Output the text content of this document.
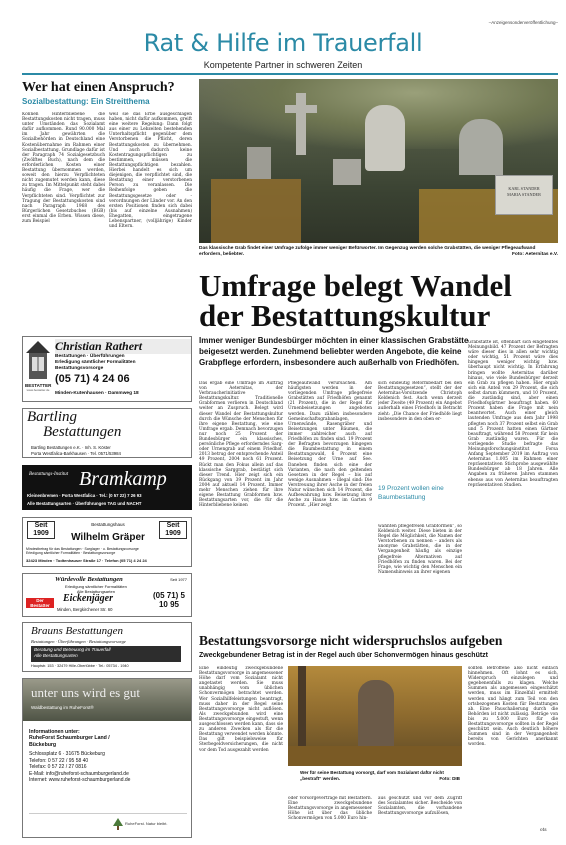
–Anzeigensonderveröffentlichung–
Rat & Hilfe im Trauerfall
Kompetente Partner in schweren Zeiten
Wer hat einen Anspruch?
Sozialbestattung: Ein Streitthema
Können Hinterbliebene die Bestattungskosten nicht tragen, muss unter Umständen das Sozialamt dafür aufkommen. Rund 90.000 Mal im Jahr gewährten die Sozialbehörden in Deutschland eine Kostenübernahme im Rahmen einer Sozialbestattung. Grundlage dafür ist der Paragraph 74 Sozialgesetzbuch (Zwölftes Buch), nach dem die erforderlichen Kosten einer Bestattung übernommen werden, soweit den hierzu Verpflichteten nicht zugemutet werden kann, diese zu tragen. Im Mittelpunkt steht dabei häufig die Frage, wer die Verpflichteten sind. Verpflichtet zur Tragung der Bestattungskosten sind nach Paragraph 1968 des Bürgerlichen Gesetzbuches (BGB) erst einmal die Erben. Wissen diese, zum Beispiel
weil sie das Erbe ausgeschlagen haben, nicht dafür aufkommen, greift eine weitere Regelung: Dann folgt aus einer zu Lebzeiten bestehenden Unterhaltspflicht gegenüber dem Verstorbenen die Pflicht, deren Bestattungskosten zu übernehmen. Und auch dadurch keine Kostentragungspflichtigen zu bestimmen, müssen die Bestattungspflichtigen bezahlen. Hierbei handelt es sich um diejenigen, die verpflichtet sind, die Bestattung einer verstorbenen Person zu veranlassen. Die Reihenfolge geben die Bestattungsgesetze oder -verordnungen der Länder vor. An den ersten Positionen finden sich dabei (bis auf einzelne Ausnahmen) Ehegatten, eingetragene Lebenspartner, (volljährige) Kinder und Eltern.
BESTATTER
www.bestatter.de
Christian Rathert
Bestattungen · Überführungen
Erledigung sämtlicher Formalitäten
Bestattungsvorsorge
(05 71) 4 24 06
Minden-Kutenhausen · Dammweg 18
Bartling
Bestattungen
Bartling Bestattungen e.K. · Inh. S. Köster
Porta Westfalica-Barkhausen · Tel. 0571/53984
Bestattungs-Institut Bramkamp
Kleinenbremen · Porta Westfalica · Tel.: (0 57 22) 7 26 93
Alle Bestattungsarten · Überführungen TAG und NACHT
Seit 1909
Seit 1909
Wilhelm Gräper
Bestattungshaus
Mindestbetrag für das Bestattungen · Sarglager · u. Bestattungsvorsorge
Erledigung sämtlicher Formalitäten · Bestattungsvorsorge
32423 Minden · Todtenhauser Straße 17 · Telefon (05 71) 4 24 24
Würdevolle Bestattungen	Seit 1977
Erledigung sämtlicher Formalitäten
Alle Bestattungsarten
Eickenjäger
Minden, Bergkirchener Str. 60
(05 71) 5 10 95
Der Bestatter
Brauns Bestattungen
Bestattungen · Überführungen · Bestattungsvorsorge
Beratung und Betreuung im Trauerfall
Alle Bestattungsarten
Hauptstr. 153 · 32479 Hille-Oberlübbe · Tel.: 05734 - 1940
unter uns wird es gut
Waldbestattung im RuheForst®
Informationen unter:
RuheForst Schaumburger Land / Bückeburg
Schlossplatz 6 · 31675 Bückeburg
Telefon: 0 57 22 / 95 58 40
Telefax: 0 57 22 / 27 0816
E-Mail: info@ruheforst-schaumburgerland.de
Internet: www.ruheforst-schaumburgerland.de
RuheForst. Natur bleibt.
KARL STANDER
MARIA STANDER
Das klassische Grab findet einer Umfrage zufolge immer weniger Befürworter. Im Gegenzug werden solche Grabstätten, die weniger Pflegeaufwand erfordern, beliebter.	Foto: Aeternitas e.V.
Umfrage belegt Wandel
der Bestattungskultur
Immer weniger Bundesbürger möchten in einer klassischen Grabstätte beigesetzt werden. Zunehmend beliebter werden Angebote, die keine Grabpflege erfordern, insbesondere auch außerhalb von Friedhöfen.
Das ergab eine Umfrage im Auftrag von Aeternitas, der Verbraucherinitiative Bestattungskultur. Traditionelle Grabformen verlieren in Deutschland weiter an Zuspruch. Belegt wird dieser Wandel der Bestattungskultur durch die Wünsche der Menschen für ihre eigene Bestattung, wie eine Umfrage ergab. Demnach bevorzugen nur noch 25 Prozent der Bundesbürger ein klassisches, persönliche Pflege erforderndes Sarg- oder Urnengrab auf einem Friedhof. 2013 betrug der entsprechende Anteil 49 Prozent, 2004 noch 61 Prozent. Rückt man den Fokus allein auf das klassische Sarggrab, bestätigt sich dieser Trend. Hier zeigt sich ein Rückgang von 39 Prozent im Jahr 2004 auf aktuell 14 Prozent. Immer mehr Menschen ziehen für ihre eigene Bestattung Grabformen bzw. Bestattungsarten vor, die für die Hinterbliebene keinen
Pflegeaufwand verursachen. Am häufigsten werden in der vorliegenden Umfrage pflegefreie Grabstätten auf Friedhöfen genannt (21 Prozent), die in der Regel für Urnenbeisetzungen angeboten werden. Dazu zählen insbesondere Gemeinschaftsgrabanlagen, Urnenwände, Rasengräber und Beisetzungen unter Bäumen, die immer zahlreicher auch auf Friedhöfen zu finden sind. 19 Prozent der Befragten bevorzugen hingegen die Baumbestattung in einem Bestattungswald, 6 Prozent eine Beisetzung der Urne auf See. Daneben finden sich eine der Varianten, die nach den geltenden Gesetzen in der Regel – bis auf wenige Ausnahmen – illegal sind: Die Verstreuung ihrer Asche in der freien Natur wünschen sich 14 Prozent, die Aufbewahrung bzw. Beisetzung ihrer Asche zu Hause bzw. im Garten 9 Prozent. „Hier zeigt
sich eindeutig Reformbedarf bei den Bestattungsgesetzen“, stellt der der Aeternitas-Vorsitzende Christoph Keldenich fest. Auch wenn derzeit jeder Zweite (49 Prozent) ein Angebot außerhalb eines Friedhofs in Betracht zieht: „Die Chance der Friedhöfe liegt insbesondere in den oben er-
19 Prozent wollen eine Baumbestattung
wähnten pflegefreien Grabformen“, so Keldenich weiter. Diese bieten in der Regel die Möglichkeit, die Namen der Verstorbenen zu nennen – anders als anonyme Grabstätten, die in der Vergangenheit häufig als einzige pflegefreie Alternativen auf Friedhöfen zu finden waren. Bei der Frage, wie wichtig den Menschen ein Namenshinweis an ihrer eigenen
Grabstätte ist, offenbart sich eingeteiltes Meinungsbild. 47 Prozent der Befragten wäre dieser dies in allen sehr wichtig oder wichtig, 51 Prozent wäre dies hingegen weniger wichtig bzw. überhaupt nicht wichtig. In Erfahrung bringen wollte Aeternitas darüber hinaus, wie viele Bundesbürger derzeit ein Grab zu pflegen haben. Hier ergab sich ein Anteil von 29 Prozent, die sich selbst darum kümmern, und 10 Prozent, die zuständig sind, aber einen Friedhofsgärtner beauftragt haben. 60 Prozent haben die Frage mit nein beantwortet. Auch einer gleich lautenden Umfrage aus dem Jahr 1998 pflegten noch 37 Prozent selbst ein Grab und 5 Prozent hatten einen Gärtner beauftragt, während 58 Prozent für kein Grab zuständig waren. Für die vorliegende Studie befragte das Meinungsforschungsinstitut Forsa Anfang September 2019 im Auftrag von Aeternitas 1.005 im Rahmen einer repräsentativen Stichprobe ausgewählte Bundesbürger ab 18 Jahren. Alle Angaben zu früheren Jahren stammen ebenso aus von Aeternitas beauftragten repräsentativen Studien.
Bestattungsvorsorge nicht widerspruchslos aufgeben
Zweckgebundener Betrag ist in der Regel auch über Schonvermögen hinaus geschützt
Eine eindeutig zweckgebundene Bestattungsvorsorge in angemessener Höhe darf vom Sozialamt nicht angetastet werden. Sie muss unabhängig vom üblichen Schonvermögen betrachtet werden. Wer Sozialhilfeleistungen beantragt, muss daher in der Regel seine Bestattungsvorsorge nicht auflösen. Als zweckgebunden wird eine Bestattungsvorsorge eingestuft, wenn ausgeschlossen werden kann, dass sie zu anderen Zwecken als für die Bestattung verwendet werden könnte. Das gilt beispielsweise für Sterbegeldversicherungen, die nicht vor dem Tod ausgezahlt werden
Wer für seine Bestattung vorsorgt, darf vom Sozialamt dafür nicht „bestraft“ werden.	Foto: DIB
oder Vorsorgeverträge mit Bestattern. Eine zweckgebundene Bestattungsvorsorge in angemessener Höhe ist über das übliche Schonvermögen von 5.000 Euro hin-
aus geschützt und vor dem Zugriff des Sozialamtes sicher. Bescheide von Sozialamten, die vorhandene Bestattungsvorsorge aufzulösen,
sollten Betroffene also nicht einfach hinnehmen. Oft lohnt es sich, Widerspruch einzulegen und gegebenenfalls zu klagen. Welche Summen als angemessen eingeschätzt werden, muss im Einzelfall ermittelt werden und hängt zum Teil von den ortsbezogenen Kosten für Bestattungen ab. Eine Pauschalierung durch die Behörden ist nicht zulässig. Beträge von bis zu 5.000 Euro für die Bestattungsvorsorge sollten in der Regel geschützt sein. Auch deutlich höhere Summen sind in der Vergangenheit bereits von Gerichten anerkannt worden.
ots
